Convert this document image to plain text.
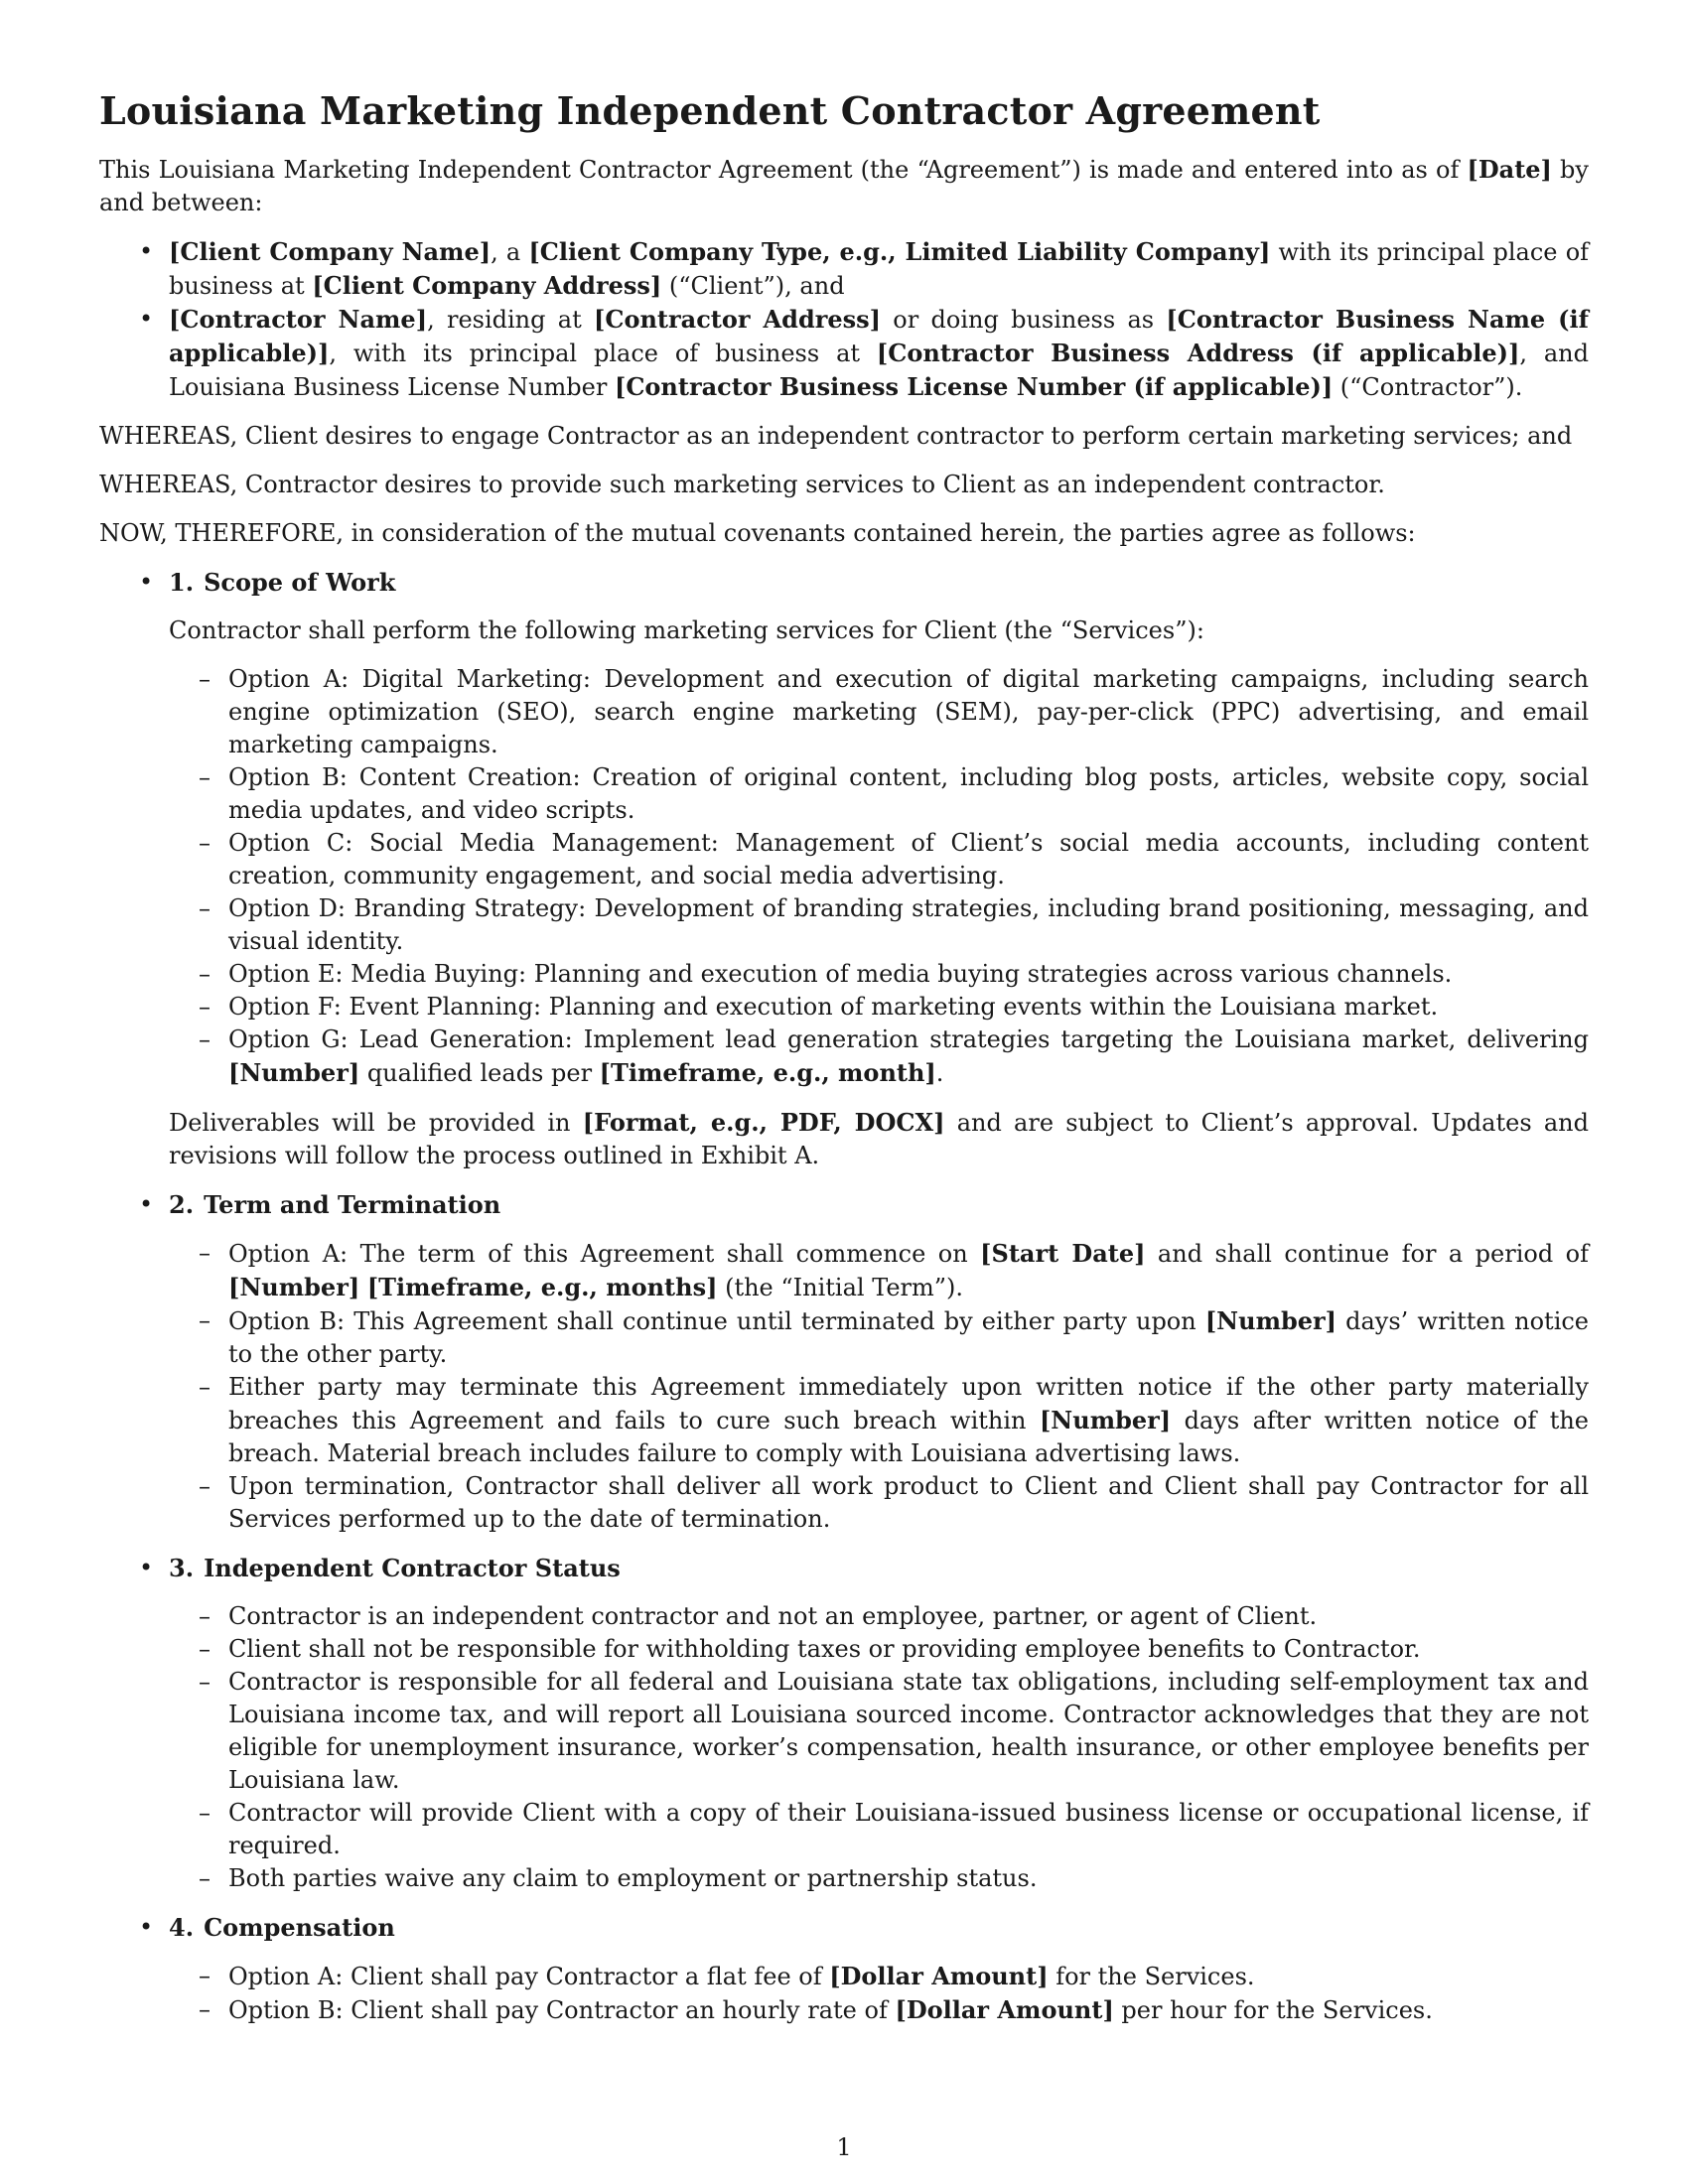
Louisiana Marketing Independent Contractor Agreement

This Louisiana Marketing Independent Contractor Agreement (the “Agreement”) is made and entered into as of [Date] by and between:

• [Client Company Name], a [Client Company Type, e.g., Limited Liability Company] with its principal place of business at [Client Company Address] (“Client”), and
• [Contractor Name], residing at [Contractor Address] or doing business as [Contractor Business Name (if applicable)], with its principal place of business at [Contractor Business Address (if applicable)], and Louisiana Business License Number [Contractor Business License Number (if applicable)] (“Contractor”).

WHEREAS, Client desires to engage Contractor as an independent contractor to perform certain marketing services; and

WHEREAS, Contractor desires to provide such marketing services to Client as an independent contractor.

NOW, THEREFORE, in consideration of the mutual covenants contained herein, the parties agree as follows:

• 1. Scope of Work

Contractor shall perform the following marketing services for Client (the “Services”):

– Option A: Digital Marketing: Development and execution of digital marketing campaigns, including search engine optimization (SEO), search engine marketing (SEM), pay-per-click (PPC) advertising, and email marketing campaigns.
– Option B: Content Creation: Creation of original content, including blog posts, articles, website copy, social media updates, and video scripts.
– Option C: Social Media Management: Management of Client’s social media accounts, including content creation, community engagement, and social media advertising.
– Option D: Branding Strategy: Development of branding strategies, including brand positioning, messaging, and visual identity.
– Option E: Media Buying: Planning and execution of media buying strategies across various channels.
– Option F: Event Planning: Planning and execution of marketing events within the Louisiana market.
– Option G: Lead Generation: Implement lead generation strategies targeting the Louisiana market, delivering [Number] qualified leads per [Timeframe, e.g., month].

Deliverables will be provided in [Format, e.g., PDF, DOCX] and are subject to Client’s approval. Updates and revisions will follow the process outlined in Exhibit A.

• 2. Term and Termination
– Option A: The term of this Agreement shall commence on [Start Date] and shall continue for a period of [Number] [Timeframe, e.g., months] (the “Initial Term”).
– Option B: This Agreement shall continue until terminated by either party upon [Number] days’ written notice to the other party.
– Either party may terminate this Agreement immediately upon written notice if the other party materially breaches this Agreement and fails to cure such breach within [Number] days after written notice of the breach. Material breach includes failure to comply with Louisiana advertising laws.
– Upon termination, Contractor shall deliver all work product to Client and Client shall pay Contractor for all Services performed up to the date of termination.
• 3. Independent Contractor Status
– Contractor is an independent contractor and not an employee, partner, or agent of Client.
– Client shall not be responsible for withholding taxes or providing employee benefits to Contractor.
– Contractor is responsible for all federal and Louisiana state tax obligations, including self-employment tax and Louisiana income tax, and will report all Louisiana sourced income. Contractor acknowledges that they are not eligible for unemployment insurance, worker’s compensation, health insurance, or other employee benefits per Louisiana law.
– Contractor will provide Client with a copy of their Louisiana-issued business license or occupational license, if required.
– Both parties waive any claim to employment or partnership status.
• 4. Compensation
– Option A: Client shall pay Contractor a flat fee of [Dollar Amount] for the Services.
– Option B: Client shall pay Contractor an hourly rate of [Dollar Amount] per hour for the Services.
1
